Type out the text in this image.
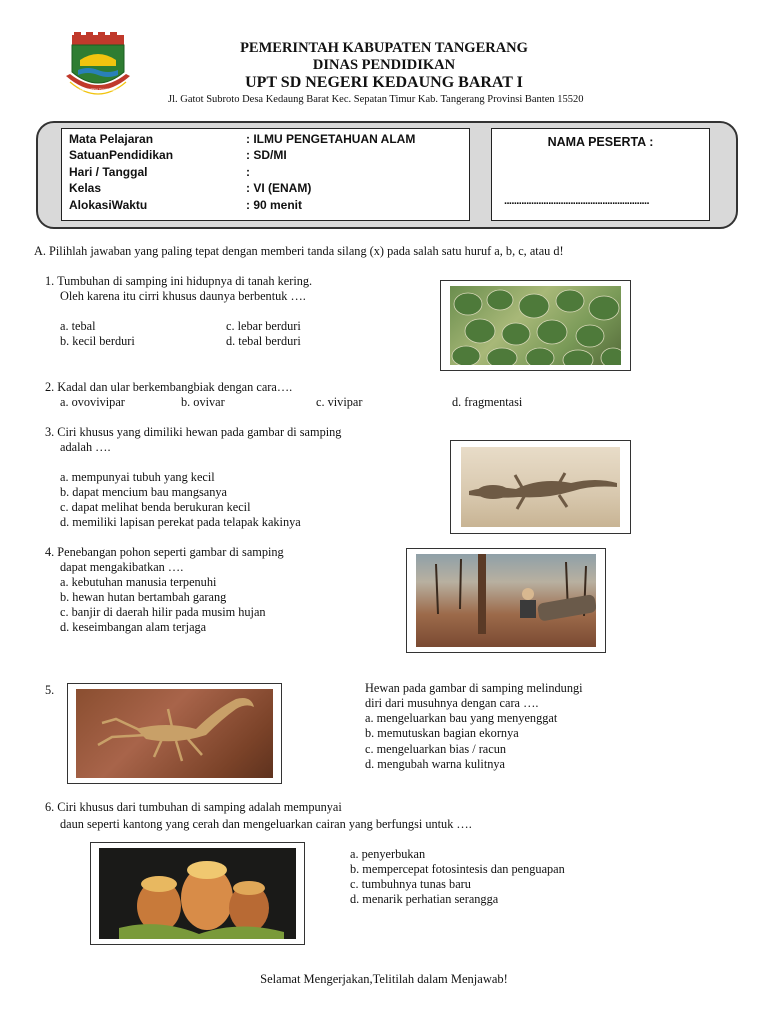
KABUPATEN TANGERANG
PEMERINTAH KABUPATEN TANGERANG
DINAS PENDIDIKAN
UPT SD NEGERI KEDAUNG BARAT I
Jl. Gatot Subroto Desa Kedaung Barat Kec. Sepatan Timur Kab. Tangerang Provinsi Banten 15520
Mata Pelajaran	: ILMU PENGETAHUAN ALAM
SatuanPendidikan	: SD/MI
Hari / Tanggal	:
Kelas	: VI (ENAM)
AlokasiWaktu	: 90 menit
NAMA PESERTA :
...........................................................
A. Pilihlah jawaban yang paling tepat dengan memberi tanda silang (x) pada salah satu huruf a, b, c, atau d!
1. Tumbuhan di samping ini hidupnya di tanah kering.
Oleh karena itu cirri khusus daunya berbentuk ….
a. tebal
b. kecil berduri
c. lebar berduri
d. tebal berduri
2. Kadal dan ular berkembangbiak dengan cara….
a. ovovivipar	b. ovivar	c. vivipar	d. fragmentasi
3. Ciri khusus yang dimiliki hewan pada gambar di samping
adalah ….
a. mempunyai tubuh yang kecil
b. dapat mencium bau mangsanya
c. dapat melihat benda berukuran kecil
d. memiliki lapisan perekat pada telapak kakinya
4. Penebangan pohon seperti gambar di samping
dapat mengakibatkan ….
a. kebutuhan manusia terpenuhi
b. hewan hutan bertambah garang
c. banjir di daerah hilir pada musim hujan
d. keseimbangan alam terjaga
5.	Hewan pada gambar di samping melindungi
diri dari musuhnya dengan cara ….
a. mengeluarkan bau yang menyenggat
b. memutuskan bagian ekornya
c. mengeluarkan bias / racun
d. mengubah warna kulitnya
6. Ciri khusus dari tumbuhan di samping adalah mempunyai
daun seperti kantong yang cerah dan mengeluarkan cairan yang berfungsi untuk ….
a. penyerbukan
b. mempercepat fotosintesis dan penguapan
c. tumbuhnya tunas baru
d. menarik perhatian serangga
Selamat Mengerjakan,Telitilah dalam Menjawab!
